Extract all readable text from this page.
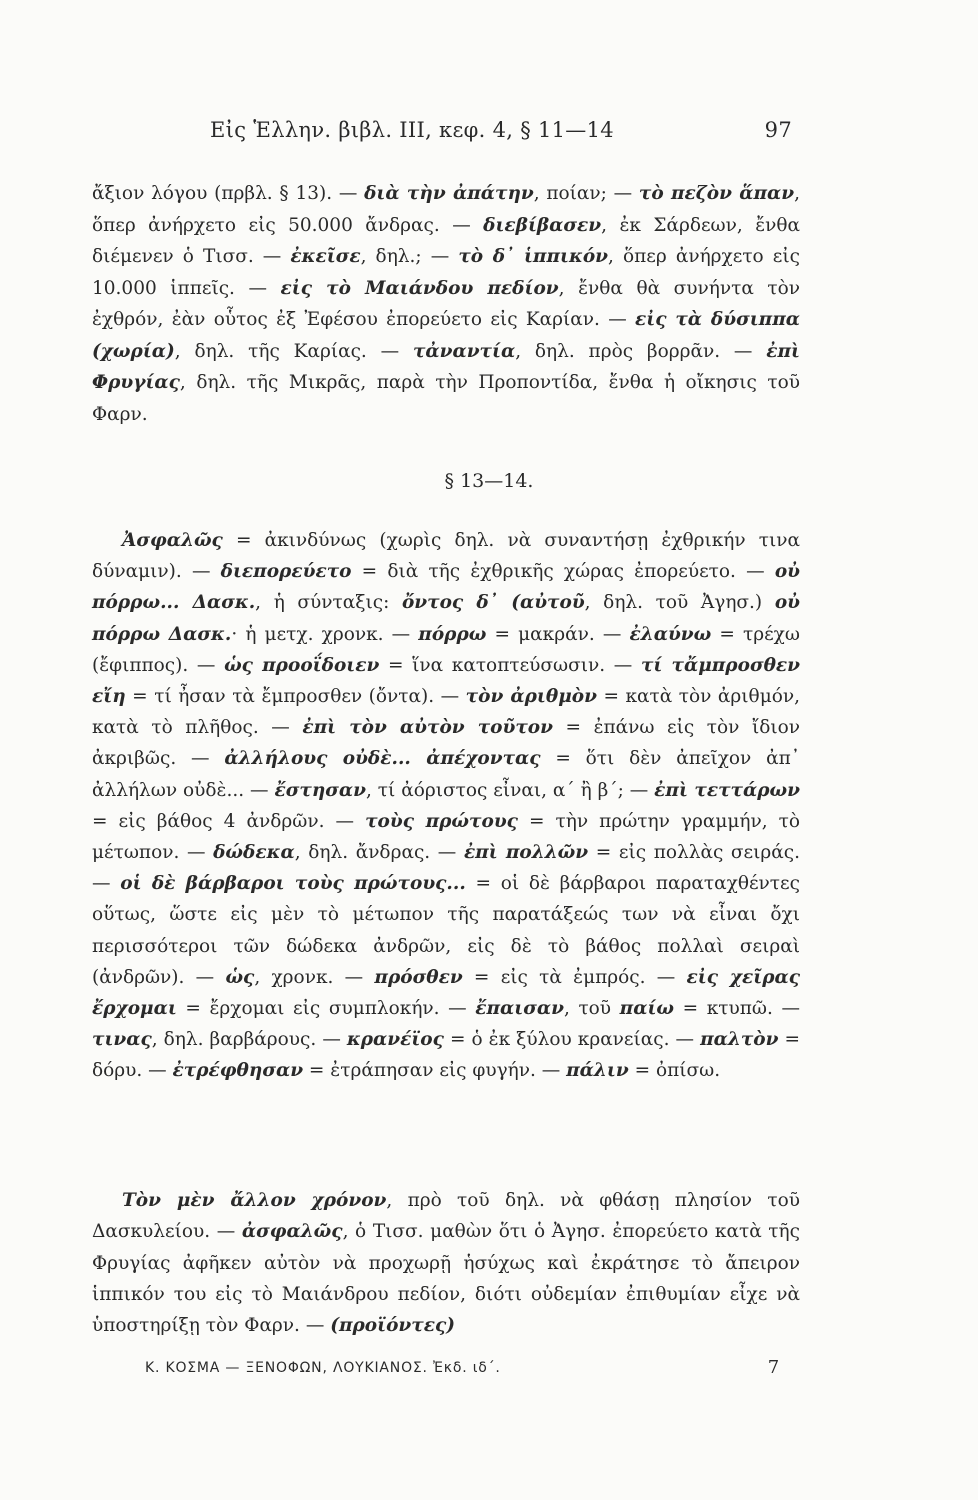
Εἰς Ἑλλην. βιβλ. III, κεφ. 4, § 11—14	97

ἄξιον λόγου (πρβλ. § 13). — διὰ τὴν ἀπάτην, ποίαν; — τὸ πεζὸν ἅπαν, ὅπερ ἀνήρχετο εἰς 50.000 ἄνδρας. — διεβίβασεν, ἐκ Σάρδεων, ἔνθα διέμενεν ὁ Τισσ. — ἐκεῖσε, δηλ.; — τὸ δ᾽ ἱππικόν, ὅπερ ἀνήρχετο εἰς 10.000 ἱππεῖς. — εἰς τὸ Μαιάνδου πεδίον, ἔνθα θὰ συνήντα τὸν ἐχθρόν, ἐὰν οὗτος ἐξ Ἐφέσου ἐπορεύετο εἰς Καρίαν. — εἰς τὰ δύσιππα (χωρία), δηλ. τῆς Καρίας. — τἀναντία, δηλ. πρὸς βορρᾶν. — ἐπὶ Φρυγίας, δηλ. τῆς Μικρᾶς, παρὰ τὴν Προποντίδα, ἔνθα ἡ οἴκησις τοῦ Φαρν.

§ 13—14.

Ἀσφαλῶς = ἀκινδύνως (χωρὶς δηλ. νὰ συναντήσῃ ἐχθρικήν τινα δύναμιν). — διεπορεύετο = διὰ τῆς ἐχθρικῆς χώρας ἐπορεύετο. — οὐ πόρρω... Δασκ., ἡ σύνταξις: ὄντος δ᾽ (αὐτοῦ, δηλ. τοῦ Ἀγησ.) οὐ πόρρω Δασκ.· ἡ μετχ. χρονκ. — πόρρω = μακράν. — ἐλαύνω = τρέχω (ἔφιππος). — ὡς προοΐδοιεν = ἵνα κατοπτεύσωσιν. — τί τἄμπροσθεν εἴη = τί ἦσαν τὰ ἔμπροσθεν (ὄντα). — τὸν ἀριθμὸν = κατὰ τὸν ἀριθμόν, κατὰ τὸ πλῆθος. — ἐπὶ τὸν αὐτὸν τοῦτον = ἐπάνω εἰς τὸν ἴδιον ἀκριβῶς. — ἀλλήλους οὐδὲ... ἀπέχοντας = ὅτι δὲν ἀπεῖχον ἀπ᾽ ἀλλήλων οὐδὲ... — ἔστησαν, τί ἀόριστος εἶναι, α΄ ἢ β΄; — ἐπὶ τεττάρων = εἰς βάθος 4 ἀνδρῶν. — τοὺς πρώτους = τὴν πρώτην γραμμήν, τὸ μέτωπον. — δώδεκα, δηλ. ἄνδρας. — ἐπὶ πολλῶν = εἰς πολλὰς σειράς. — οἱ δὲ βάρβαροι τοὺς πρώτους... = οἱ δὲ βάρβαροι παραταχθέντες οὕτως, ὥστε εἰς μὲν τὸ μέτωπον τῆς παρατάξεώς των νὰ εἶναι ὄχι περισσότεροι τῶν δώδεκα ἀνδρῶν, εἰς δὲ τὸ βάθος πολλαὶ σειραὶ (ἀνδρῶν). — ὡς, χρονκ. — πρόσθεν = εἰς τὰ ἐμπρός. — εἰς χεῖρας ἔρχομαι = ἔρχομαι εἰς συμπλοκήν. — ἔπαισαν, τοῦ παίω = κτυπῶ. — τινας, δηλ. βαρβάρους. — κρανέϊος = ὁ ἐκ ξύλου κρανείας. — παλτὸν = δόρυ. — ἐτρέφθησαν = ἐτράπησαν εἰς φυγήν. — πάλιν = ὀπίσω.

Τὸν μὲν ἄλλον χρόνον, πρὸ τοῦ δηλ. νὰ φθάσῃ πλησίον τοῦ Δασκυλείου. — ἀσφαλῶς, ὁ Τισσ. μαθὼν ὅτι ὁ Ἀγησ. ἐπορεύετο κατὰ τῆς Φρυγίας ἀφῆκεν αὐτὸν νὰ προχωρῇ ἡσύχως καὶ ἐκράτησε τὸ ἄπειρον ἱππικόν του εἰς τὸ Μαιάνδρου πεδίον, διότι οὐδεμίαν ἐπιθυμίαν εἶχε νὰ ὑποστηρίξῃ τὸν Φαρν. — (προϊόντες)

Κ. ΚΟΣΜΑ — ΞΕΝΟΦΩΝ, ΛΟΥΚΙΑΝΟΣ. Ἐκδ. ιδ΄.	7
